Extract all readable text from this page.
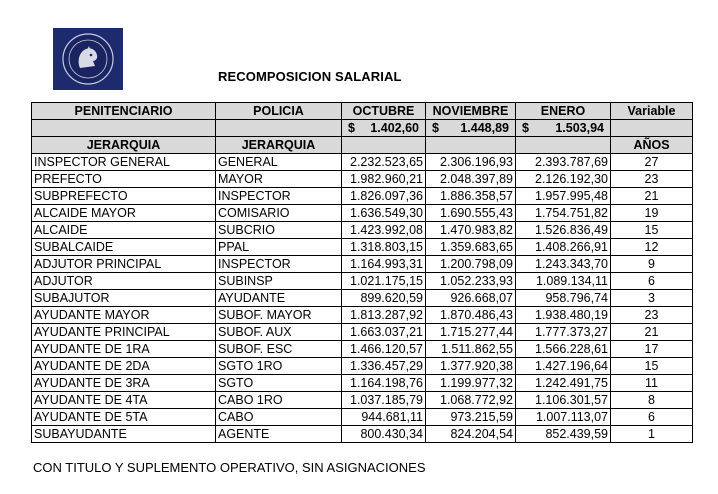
RECOMPOSICION SALARIAL
PENITENCIARIO	POLICIA	OCTUBRE	NOVIEMBRE	ENERO	Variable

		$ 1.402,60	$ 1.448,89	$ 1.503,94	

JERARQUIA	JERARQUIA				AÑOS
INSPECTOR GENERAL	GENERAL	2.232.523,65	2.306.196,93	2.393.787,69	27
PREFECTO	MAYOR	1.982.960,21	2.048.397,89	2.126.192,30	23
SUBPREFECTO	INSPECTOR	1.826.097,36	1.886.358,57	1.957.995,48	21
ALCAIDE MAYOR	COMISARIO	1.636.549,30	1.690.555,43	1.754.751,82	19
ALCAIDE	SUBCRIO	1.423.992,08	1.470.983,82	1.526.836,49	15
SUBALCAIDE	PPAL	1.318.803,15	1.359.683,65	1.408.266,91	12
ADJUTOR PRINCIPAL	INSPECTOR	1.164.993,31	1.200.798,09	1.243.343,70	9
ADJUTOR	SUBINSP	1.021.175,15	1.052.233,93	1.089.134,11	6
SUBAJUTOR	AYUDANTE	899.620,59	926.668,07	958.796,74	3
AYUDANTE MAYOR	SUBOF. MAYOR	1.813.287,92	1.870.486,43	1.938.480,19	23
AYUDANTE PRINCIPAL	SUBOF. AUX	1.663.037,21	1.715.277,44	1.777.373,27	21
AYUDANTE DE 1RA	SUBOF. ESC	1.466.120,57	1.511.862,55	1.566.228,61	17
AYUDANTE DE 2DA	SGTO 1RO	1.336.457,29	1.377.920,38	1.427.196,64	15
AYUDANTE DE 3RA	SGTO	1.164.198,76	1.199.977,32	1.242.491,75	11
AYUDANTE DE 4TA	CABO 1RO	1.037.185,79	1.068.772,92	1.106.301,57	8
AYUDANTE DE 5TA	CABO	944.681,11	973.215,59	1.007.113,07	6
SUBAYUDANTE	AGENTE	800.430,34	824.204,54	852.439,59	1
CON TITULO Y SUPLEMENTO OPERATIVO, SIN ASIGNACIONES
